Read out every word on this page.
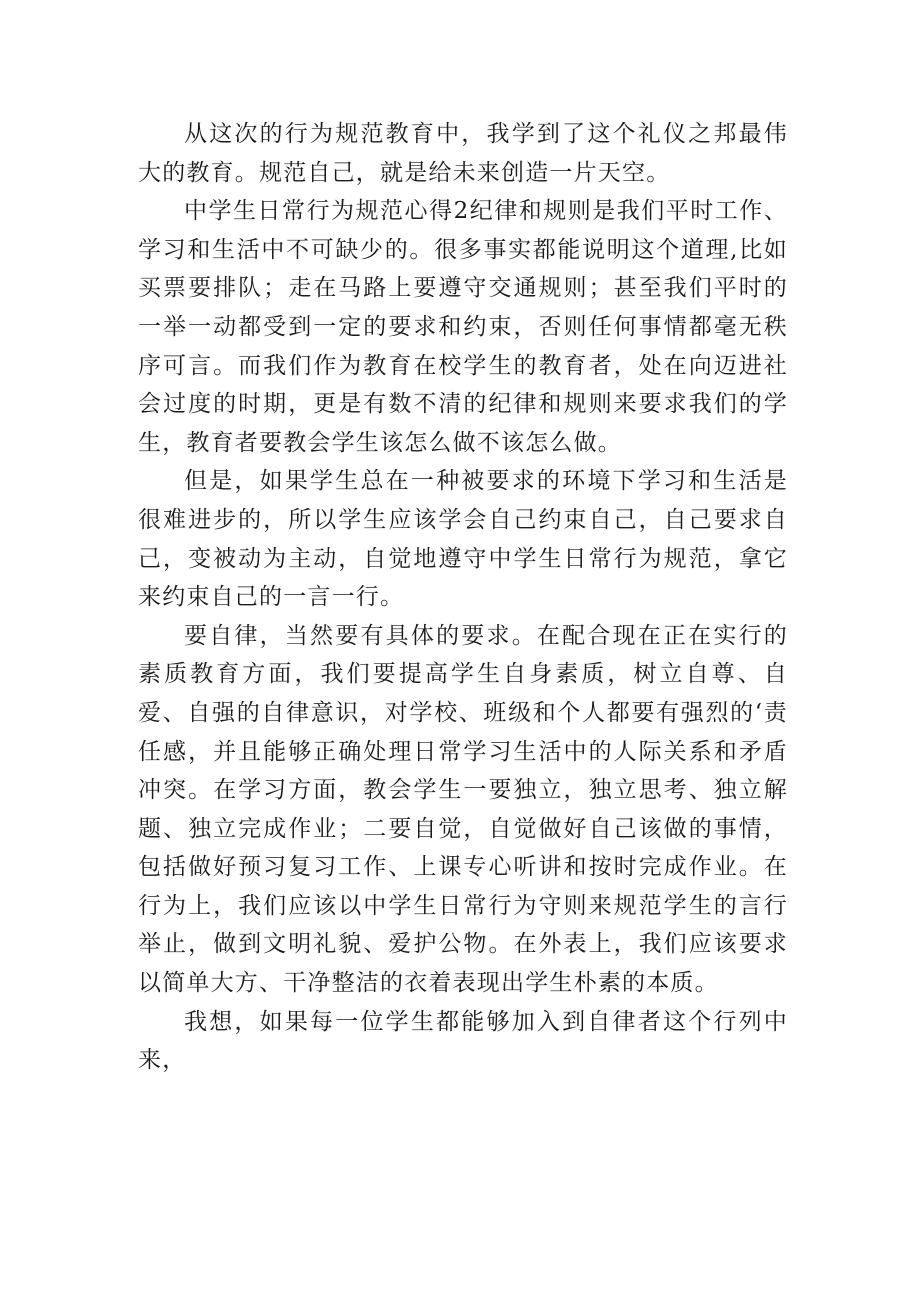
从这次的行为规范教育中，我学到了这个礼仪之邦最伟大的教育。规范自己，就是给未来创造一片天空。

中学生日常行为规范心得2纪律和规则是我们平时工作、学习和生活中不可缺少的。很多事实都能说明这个道理,比如买票要排队；走在马路上要遵守交通规则；甚至我们平时的一举一动都受到一定的要求和约束，否则任何事情都毫无秩序可言。而我们作为教育在校学生的教育者，处在向迈进社会过度的时期，更是有数不清的纪律和规则来要求我们的学生，教育者要教会学生该怎么做不该怎么做。

但是，如果学生总在一种被要求的环境下学习和生活是很难进步的，所以学生应该学会自己约束自己，自己要求自己，变被动为主动，自觉地遵守中学生日常行为规范，拿它来约束自己的一言一行。

要自律，当然要有具体的要求。在配合现在正在实行的素质教育方面，我们要提高学生自身素质，树立自尊、自爱、自强的自律意识，对学校、班级和个人都要有强烈的‘责任感，并且能够正确处理日常学习生活中的人际关系和矛盾冲突。在学习方面，教会学生一要独立，独立思考、独立解题、独立完成作业；二要自觉，自觉做好自己该做的事情，包括做好预习复习工作、上课专心听讲和按时完成作业。在行为上，我们应该以中学生日常行为守则来规范学生的言行举止，做到文明礼貌、爱护公物。在外表上，我们应该要求以简单大方、干净整洁的衣着表现出学生朴素的本质。

我想，如果每一位学生都能够加入到自律者这个行列中来，
